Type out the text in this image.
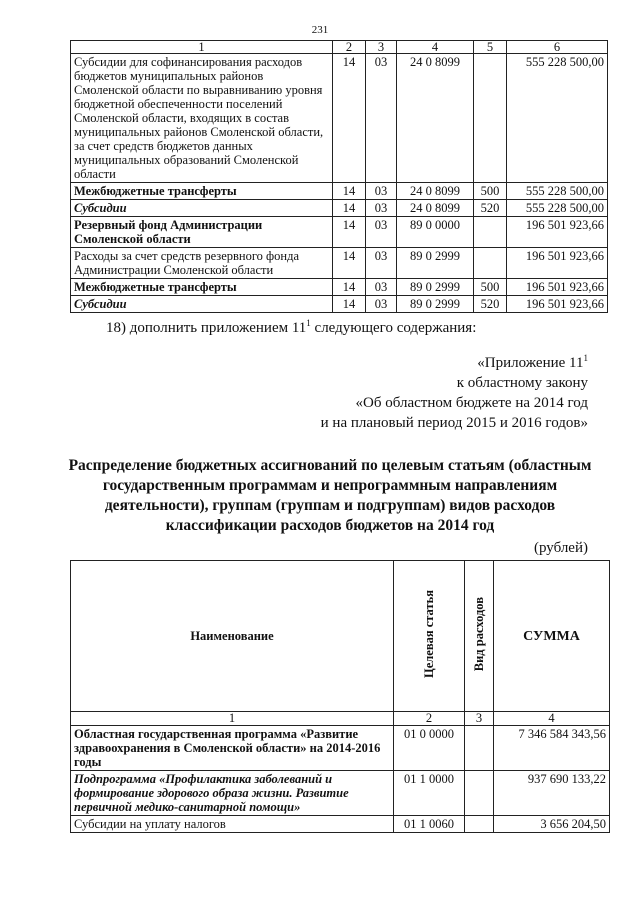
231
1	2	3	4	5	6
Субсидии для софинансирования расходов бюджетов муниципальных районов Смоленской области по выравниванию уровня бюджетной обеспеченности поселений Смоленской области, входящих в состав муниципальных районов Смоленской области, за счет средств бюджетов данных муниципальных образований Смоленской области	14	03	24 0 8099		555 228 500,00
Межбюджетные трансферты	14	03	24 0 8099	500	555 228 500,00
Субсидии	14	03	24 0 8099	520	555 228 500,00
Резервный фонд Администрации Смоленской области	14	03	89 0 0000		196 501 923,66
Расходы за счет средств резервного фонда Администрации Смоленской области	14	03	89 0 2999		196 501 923,66
Межбюджетные трансферты	14	03	89 0 2999	500	196 501 923,66
Субсидии	14	03	89 0 2999	520	196 501 923,66
18) дополнить приложением $11^1$ следующего содержания:
«Приложение $11^1$
к областному закону
«Об областном бюджете на 2014 год
и на плановый период 2015 и 2016 годов»
Распределение бюджетных ассигнований по целевым статьям (областным
государственным программам и непрограммным направлениям
деятельности), группам (группам и подгруппам) видов расходов
классификации расходов бюджетов на 2014 год
(рублей)
Наименование	Целевая статья	Вид расходов	СУММА
1	2	3	4
Областная государственная программа «Развитие здравоохранения в Смоленской области» на 2014-2016 годы	01 0 0000		7 346 584 343,56
Подпрограмма «Профилактика заболеваний и формирование здорового образа жизни. Развитие первичной медико-санитарной помощи»	01 1 0000		937 690 133,22
Субсидии на уплату налогов	01 1 0060		3 656 204,50
